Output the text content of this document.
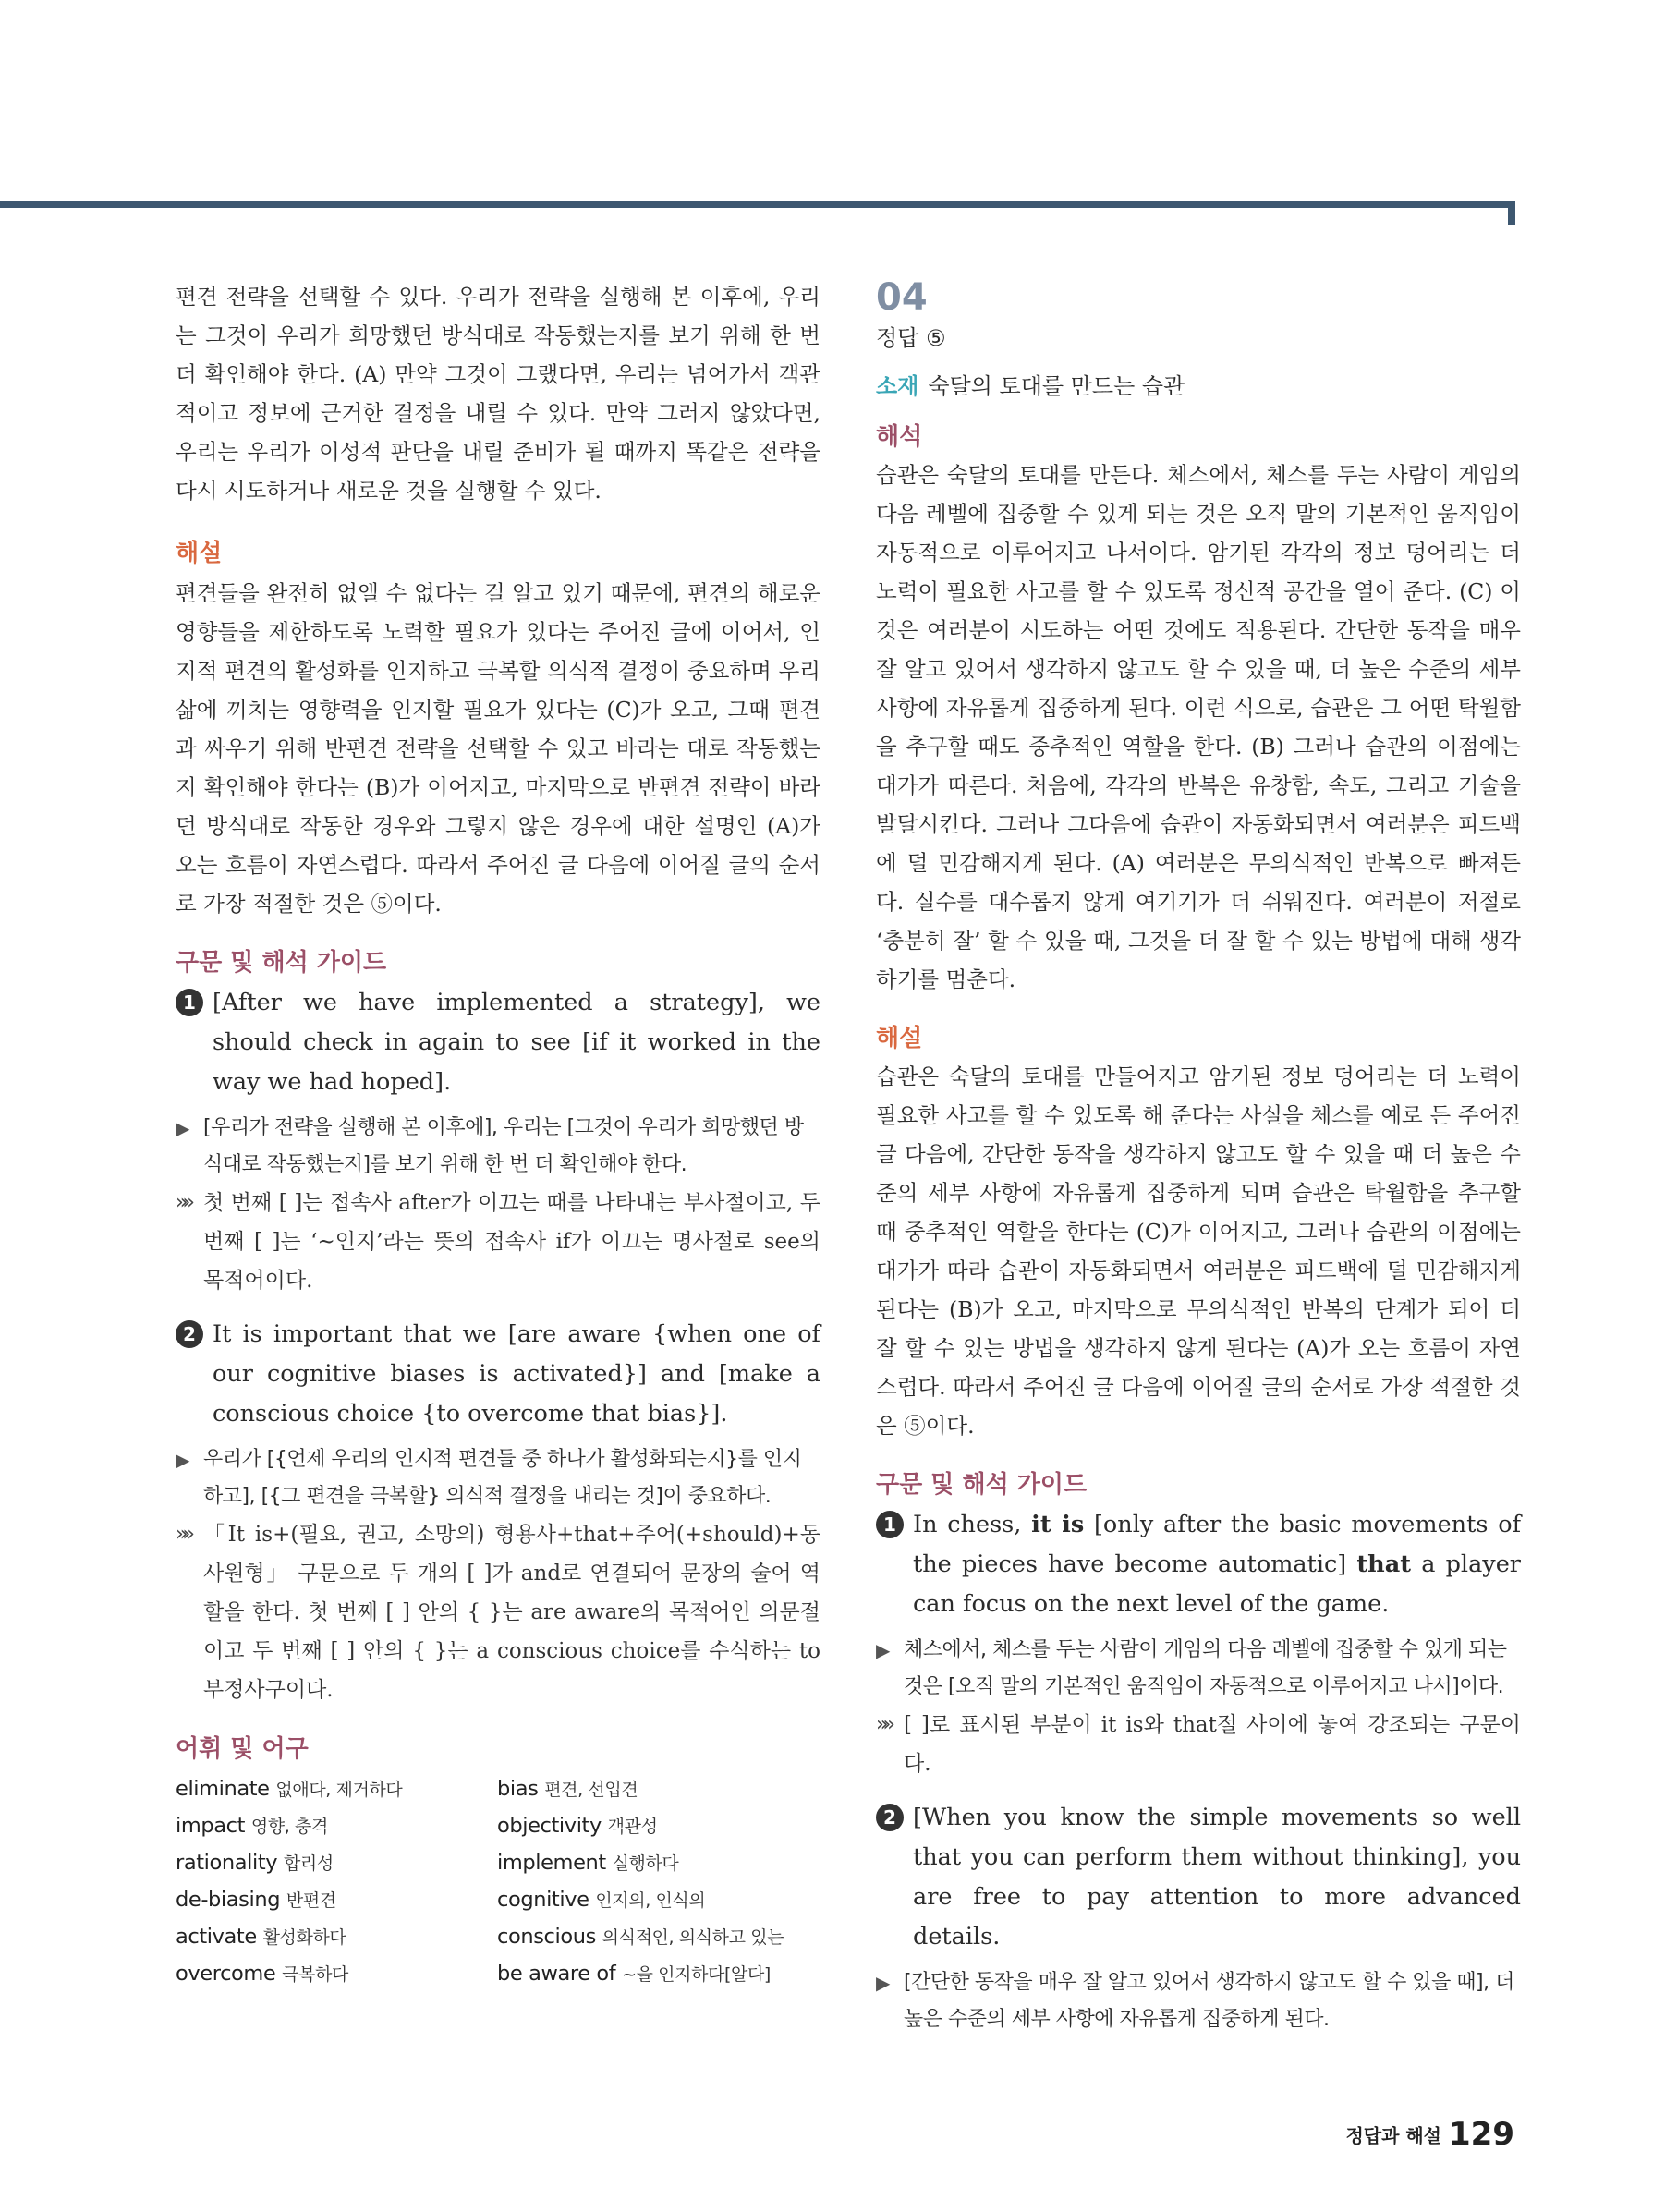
편견 전략을 선택할 수 있다. 우리가 전략을 실행해 본 이후에, 우리는 그것이 우리가 희망했던 방식대로 작동했는지를 보기 위해 한 번 더 확인해야 한다. (A) 만약 그것이 그랬다면, 우리는 넘어가서 객관적이고 정보에 근거한 결정을 내릴 수 있다. 만약 그러지 않았다면, 우리는 우리가 이성적 판단을 내릴 준비가 될 때까지 똑같은 전략을 다시 시도하거나 새로운 것을 실행할 수 있다.

해설

편견들을 완전히 없앨 수 없다는 걸 알고 있기 때문에, 편견의 해로운 영향들을 제한하도록 노력할 필요가 있다는 주어진 글에 이어서, 인지적 편견의 활성화를 인지하고 극복할 의식적 결정이 중요하며 우리 삶에 끼치는 영향력을 인지할 필요가 있다는 (C)가 오고, 그때 편견과 싸우기 위해 반편견 전략을 선택할 수 있고 바라는 대로 작동했는지 확인해야 한다는 (B)가 이어지고, 마지막으로 반편견 전략이 바라던 방식대로 작동한 경우와 그렇지 않은 경우에 대한 설명인 (A)가 오는 흐름이 자연스럽다. 따라서 주어진 글 다음에 이어질 글의 순서로 가장 적절한 것은 ⑤이다.

구문 및 해석 가이드

1 [After we have implemented a strategy], we should check in again to see [if it worked in the way we had hoped].
▶ [우리가 전략을 실행해 본 이후에], 우리는 [그것이 우리가 희망했던 방식대로 작동했는지]를 보기 위해 한 번 더 확인해야 한다.
»» 첫 번째 [ ]는 접속사 after가 이끄는 때를 나타내는 부사절이고, 두 번째 [ ]는 ‘~인지’라는 뜻의 접속사 if가 이끄는 명사절로 see의 목적어이다.
2 It is important that we [are aware {when one of our cognitive biases is activated}] and [make a conscious choice {to overcome that bias}].
▶ 우리가 [{언제 우리의 인지적 편견들 중 하나가 활성화되는지}를 인지하고], [{그 편견을 극복할} 의식적 결정을 내리는 것]이 중요하다.
»» 「It is+(필요, 권고, 소망의) 형용사+that+주어(+should)+동사원형」 구문으로 두 개의 [ ]가 and로 연결되어 문장의 술어 역할을 한다. 첫 번째 [ ] 안의 { }는 are aware의 목적어인 의문절이고 두 번째 [ ] 안의 { }는 a conscious choice를 수식하는 to부정사구이다.

어휘 및 어구

eliminate 없애다, 제거하다	bias 편견, 선입견
impact 영향, 충격	objectivity 객관성
rationality 합리성	implement 실행하다
de-biasing 반편견	cognitive 인지의, 인식의
activate 활성화하다	conscious 의식적인, 의식하고 있는
overcome 극복하다	be aware of ~을 인지하다[알다]

04

정답 ⑤

소재 숙달의 토대를 만드는 습관

해석

습관은 숙달의 토대를 만든다. 체스에서, 체스를 두는 사람이 게임의 다음 레벨에 집중할 수 있게 되는 것은 오직 말의 기본적인 움직임이 자동적으로 이루어지고 나서이다. 암기된 각각의 정보 덩어리는 더 노력이 필요한 사고를 할 수 있도록 정신적 공간을 열어 준다. (C) 이것은 여러분이 시도하는 어떤 것에도 적용된다. 간단한 동작을 매우 잘 알고 있어서 생각하지 않고도 할 수 있을 때, 더 높은 수준의 세부 사항에 자유롭게 집중하게 된다. 이런 식으로, 습관은 그 어떤 탁월함을 추구할 때도 중추적인 역할을 한다. (B) 그러나 습관의 이점에는 대가가 따른다. 처음에, 각각의 반복은 유창함, 속도, 그리고 기술을 발달시킨다. 그러나 그다음에 습관이 자동화되면서 여러분은 피드백에 덜 민감해지게 된다. (A) 여러분은 무의식적인 반복으로 빠져든다. 실수를 대수롭지 않게 여기기가 더 쉬워진다. 여러분이 저절로 ‘충분히 잘’ 할 수 있을 때, 그것을 더 잘 할 수 있는 방법에 대해 생각하기를 멈춘다.

해설

습관은 숙달의 토대를 만들어지고 암기된 정보 덩어리는 더 노력이 필요한 사고를 할 수 있도록 해 준다는 사실을 체스를 예로 든 주어진 글 다음에, 간단한 동작을 생각하지 않고도 할 수 있을 때 더 높은 수준의 세부 사항에 자유롭게 집중하게 되며 습관은 탁월함을 추구할 때 중추적인 역할을 한다는 (C)가 이어지고, 그러나 습관의 이점에는 대가가 따라 습관이 자동화되면서 여러분은 피드백에 덜 민감해지게 된다는 (B)가 오고, 마지막으로 무의식적인 반복의 단계가 되어 더 잘 할 수 있는 방법을 생각하지 않게 된다는 (A)가 오는 흐름이 자연스럽다. 따라서 주어진 글 다음에 이어질 글의 순서로 가장 적절한 것은 ⑤이다.

구문 및 해석 가이드

1 In chess, it is [only after the basic movements of the pieces have become automatic] that a player can focus on the next level of the game.
▶ 체스에서, 체스를 두는 사람이 게임의 다음 레벨에 집중할 수 있게 되는 것은 [오직 말의 기본적인 움직임이 자동적으로 이루어지고 나서]이다.
»» [ ]로 표시된 부분이 it is와 that절 사이에 놓여 강조되는 구문이다.
2 [When you know the simple movements so well that you can perform them without thinking], you are free to pay attention to more advanced details.
▶ [간단한 동작을 매우 잘 알고 있어서 생각하지 않고도 할 수 있을 때], 더 높은 수준의 세부 사항에 자유롭게 집중하게 된다.
정답과 해설 129
